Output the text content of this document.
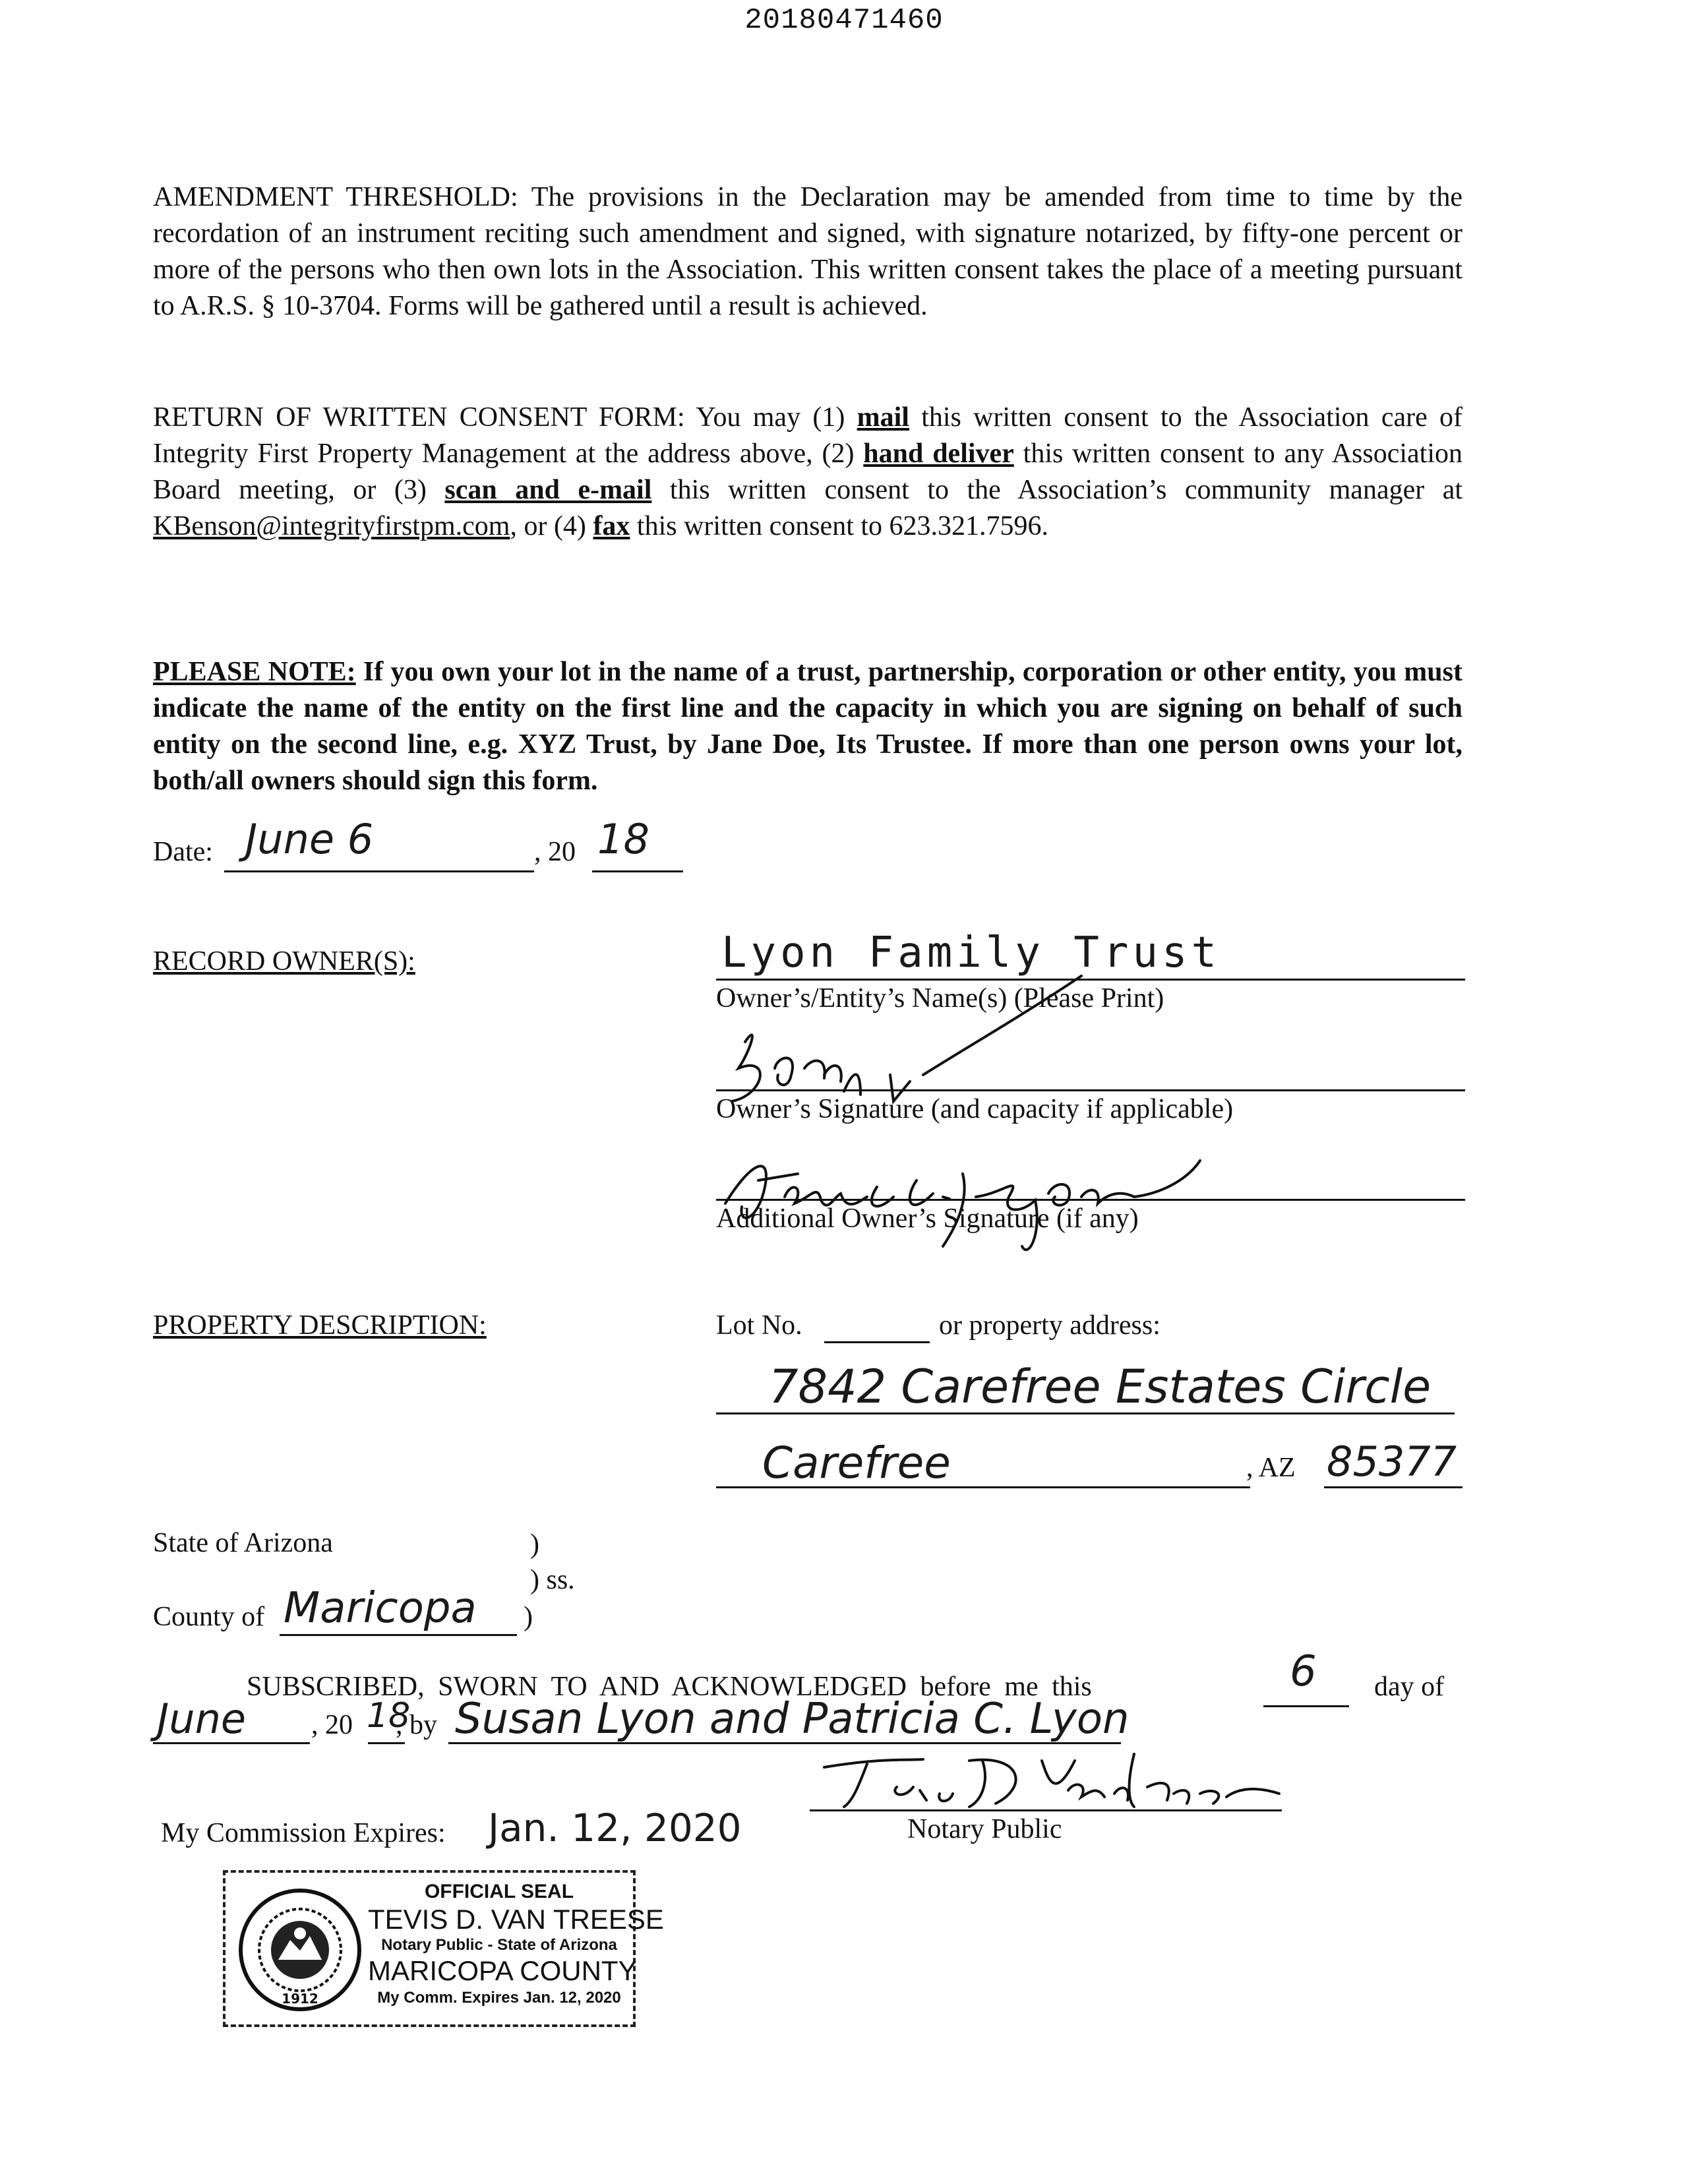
20180471460

AMENDMENT THRESHOLD: The provisions in the Declaration may be amended from time to time by the recordation of an instrument reciting such amendment and signed, with signature notarized, by fifty-one percent or more of the persons who then own lots in the Association. This written consent takes the place of a meeting pursuant to A.R.S. § 10-3704. Forms will be gathered until a result is achieved.

RETURN OF WRITTEN CONSENT FORM: You may (1) mail this written consent to the Association care of Integrity First Property Management at the address above, (2) hand deliver this written consent to any Association Board meeting, or (3) scan and e-mail this written consent to the Association’s community manager at KBenson@integrityfirstpm.com, or (4) fax this written consent to 623.321.7596.

PLEASE NOTE: If you own your lot in the name of a trust, partnership, corporation or other entity, you must indicate the name of the entity on the first line and the capacity in which you are signing on behalf of such entity on the second line, e.g. XYZ Trust, by Jane Doe, Its Trustee. If more than one person owns your lot, both/all owners should sign this form.

Date: June 6	, 20 18
RECORD OWNER(S):	Lyon Family Trust
Owner’s/Entity’s Name(s) (Please Print)
Owner’s Signature (and capacity if applicable)
Additional Owner’s Signature (if any)
PROPERTY DESCRIPTION:	Lot No.	or property address:
7842 Carefree Estates Circle
Carefree	, AZ 85377
State of Arizona	)
) ss.
County of Maricopa )
SUBSCRIBED, SWORN TO AND ACKNOWLEDGED before me this	6 day of
June , 20 18
, by Susan Lyon and Patricia C. Lyon
Notary Public
My Commission Expires: Jan. 12, 2020
1912
OFFICIAL SEAL
TEVIS D. VAN TREESE
Notary Public - State of Arizona
MARICOPA COUNTY
My Comm. Expires Jan. 12, 2020
